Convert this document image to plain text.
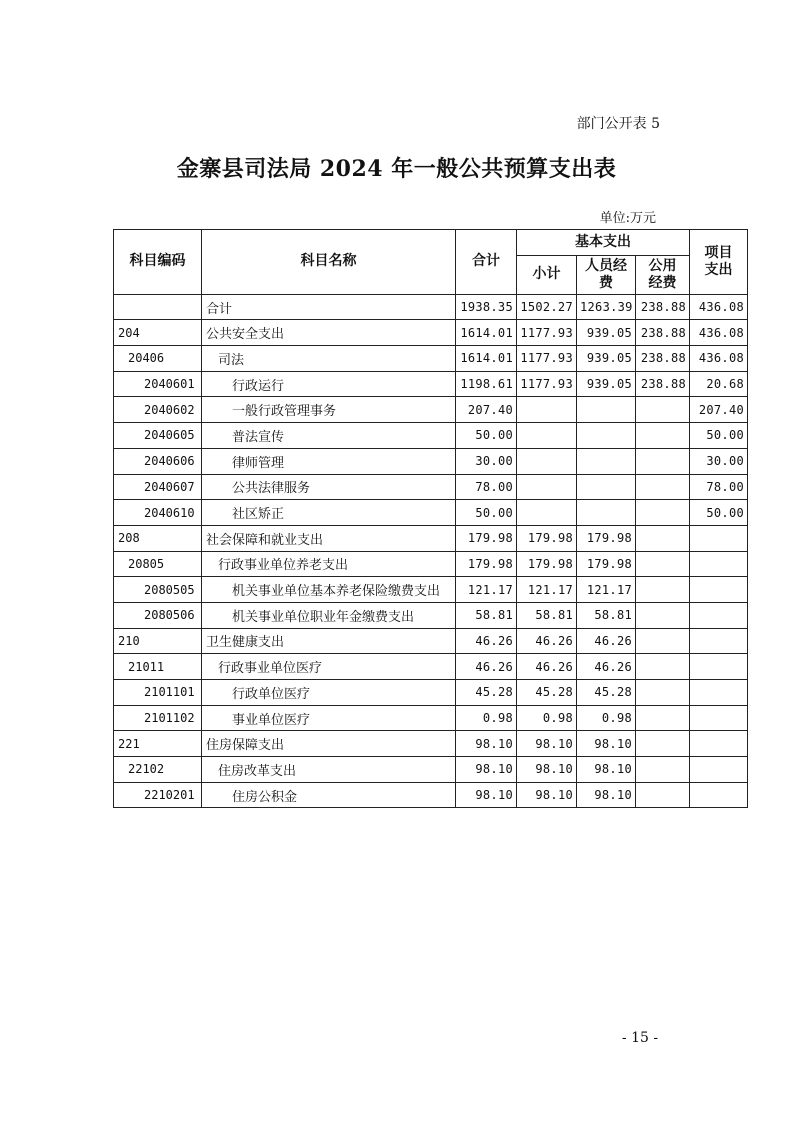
部门公开表 5
金寨县司法局 2024 年一般公共预算支出表
单位:万元
科目编码	科目名称	合计	基本支出			项目支出
			小计	人员经费	公用经费	
	合计	1938.35	1502.27	1263.39	238.88	436.08
204	公共安全支出	1614.01	1177.93	939.05	238.88	436.08
20406	司法	1614.01	1177.93	939.05	238.88	436.08
2040601	行政运行	1198.61	1177.93	939.05	238.88	20.68
2040602	一般行政管理事务	207.40				207.40
2040605	普法宣传	50.00				50.00
2040606	律师管理	30.00				30.00
2040607	公共法律服务	78.00				78.00
2040610	社区矫正	50.00				50.00
208	社会保障和就业支出	179.98	179.98	179.98		
20805	行政事业单位养老支出	179.98	179.98	179.98		
2080505	机关事业单位基本养老保险缴费支出	121.17	121.17	121.17		
2080506	机关事业单位职业年金缴费支出	58.81	58.81	58.81		
210	卫生健康支出	46.26	46.26	46.26		
21011	行政事业单位医疗	46.26	46.26	46.26		
2101101	行政单位医疗	45.28	45.28	45.28		
2101102	事业单位医疗	0.98	0.98	0.98		
221	住房保障支出	98.10	98.10	98.10		
22102	住房改革支出	98.10	98.10	98.10		
2210201	住房公积金	98.10	98.10	98.10		
- 15 -
